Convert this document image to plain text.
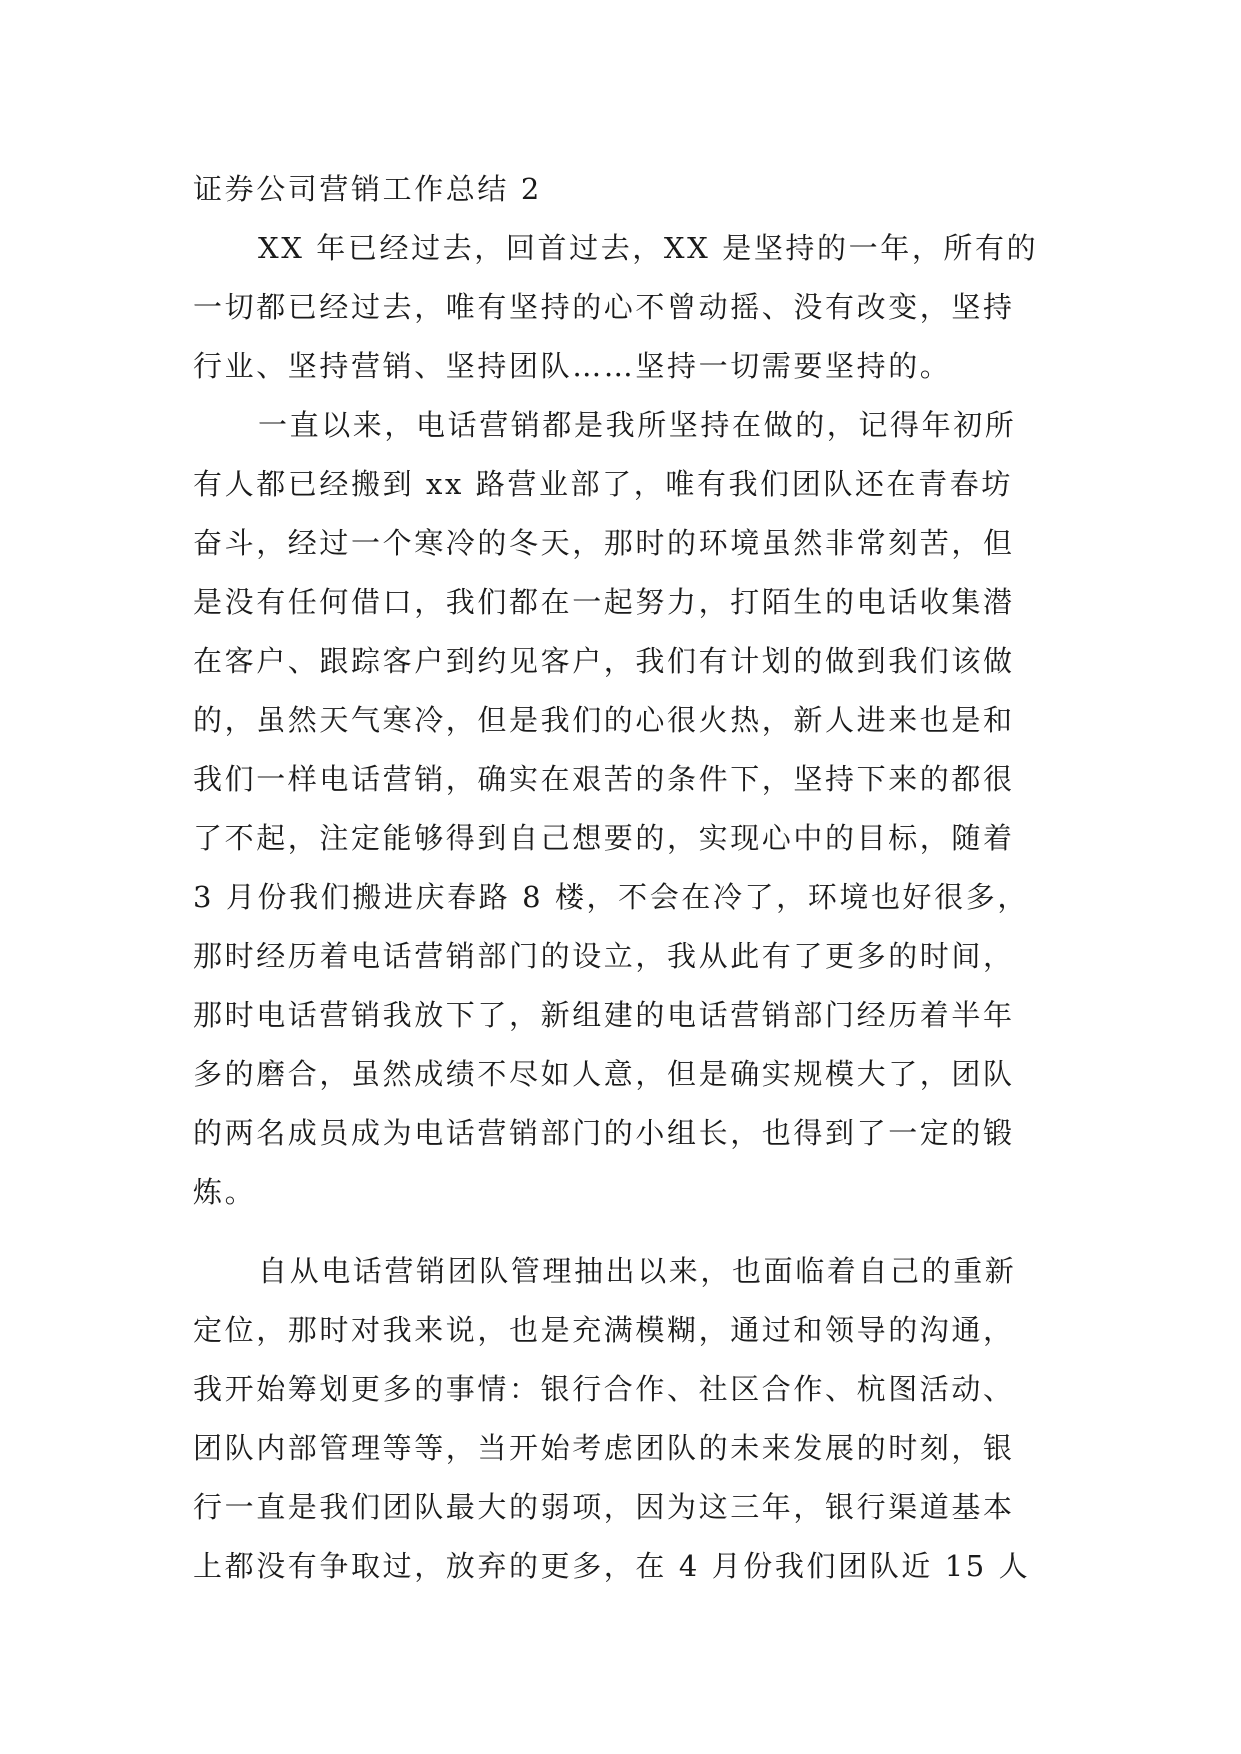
证券公司营销工作总结 2
XX 年已经过去，回首过去，XX 是坚持的一年，所有的
一切都已经过去，唯有坚持的心不曾动摇、没有改变，坚持
行业、坚持营销、坚持团队……坚持一切需要坚持的。
一直以来，电话营销都是我所坚持在做的，记得年初所
有人都已经搬到 xx 路营业部了，唯有我们团队还在青春坊
奋斗，经过一个寒冷的冬天，那时的环境虽然非常刻苦，但
是没有任何借口，我们都在一起努力，打陌生的电话收集潜
在客户、跟踪客户到约见客户，我们有计划的做到我们该做
的，虽然天气寒冷，但是我们的心很火热，新人进来也是和
我们一样电话营销，确实在艰苦的条件下，坚持下来的都很
了不起，注定能够得到自己想要的，实现心中的目标，随着
3 月份我们搬进庆春路 8 楼，不会在冷了，环境也好很多，
那时经历着电话营销部门的设立，我从此有了更多的时间，
那时电话营销我放下了，新组建的电话营销部门经历着半年
多的磨合，虽然成绩不尽如人意，但是确实规模大了，团队
的两名成员成为电话营销部门的小组长，也得到了一定的锻
炼。
自从电话营销团队管理抽出以来，也面临着自己的重新
定位，那时对我来说，也是充满模糊，通过和领导的沟通，
我开始筹划更多的事情：银行合作、社区合作、杭图活动、
团队内部管理等等，当开始考虑团队的未来发展的时刻，银
行一直是我们团队最大的弱项，因为这三年，银行渠道基本
上都没有争取过，放弃的更多，在 4 月份我们团队近 15 人
